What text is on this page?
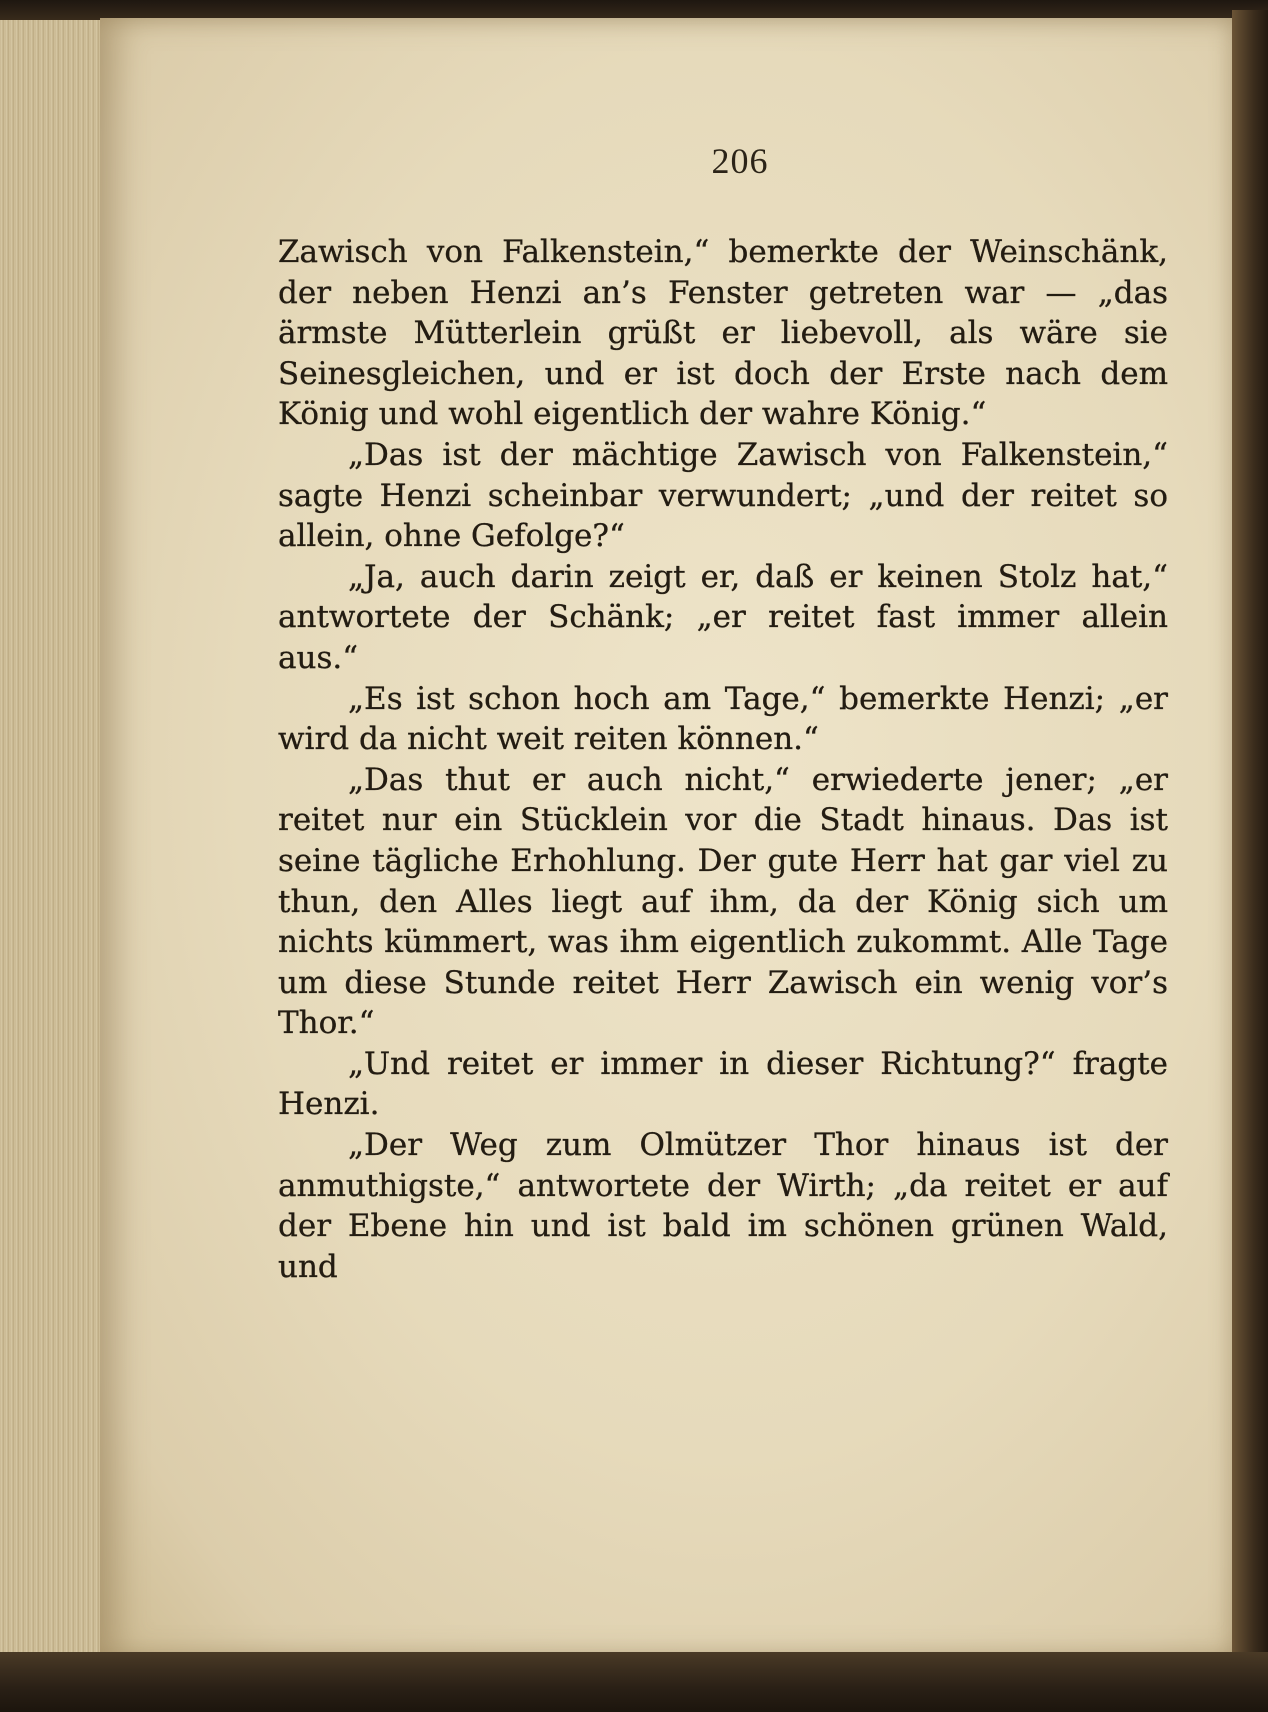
206

Zawisch von Falkenstein,“ bemerkte der Weinschänk, der neben Henzi an’s Fenster getreten war — „das ärmste Mütterlein grüßt er liebevoll, als wäre sie Seinesgleichen, und er ist doch der Erste nach dem König und wohl eigentlich der wahre König.“

„Das ist der mächtige Zawisch von Falkenstein,“ sagte Henzi scheinbar verwundert; „und der reitet so allein, ohne Gefolge?“

„Ja, auch darin zeigt er, daß er keinen Stolz hat,“ antwortete der Schänk; „er reitet fast immer allein aus.“

„Es ist schon hoch am Tage,“ bemerkte Henzi; „er wird da nicht weit reiten können.“

„Das thut er auch nicht,“ erwiederte jener; „er reitet nur ein Stücklein vor die Stadt hinaus. Das ist seine tägliche Erhohlung. Der gute Herr hat gar viel zu thun, den Alles liegt auf ihm, da der König sich um nichts kümmert, was ihm eigentlich zukommt. Alle Tage um diese Stunde reitet Herr Zawisch ein wenig vor’s Thor.“

„Und reitet er immer in dieser Richtung?“ fragte Henzi.

„Der Weg zum Olmützer Thor hinaus ist der anmuthigste,“ antwortete der Wirth; „da reitet er auf der Ebene hin und ist bald im schönen grünen Wald, und
